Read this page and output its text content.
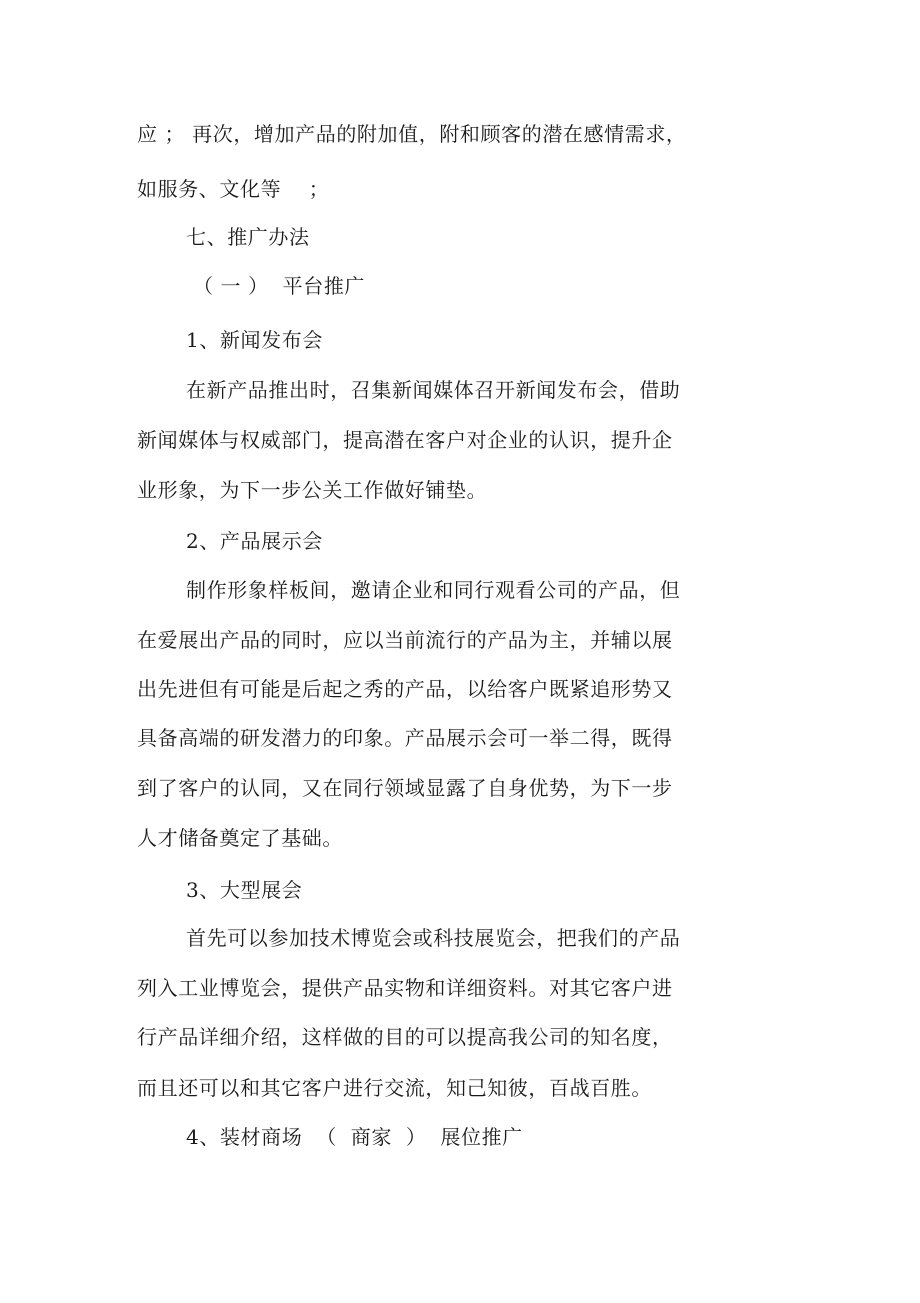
应 ； 再次，增加产品的附加值，附和顾客的潜在感情需求，
如服务、文化等　 ；
七、推广办法
（ 一 ）  平台推广
1、新闻发布会
在新产品推出时，召集新闻媒体召开新闻发布会，借助
新闻媒体与权威部门，提高潜在客户对企业的认识，提升企
业形象，为下一步公关工作做好铺垫。
2、产品展示会
制作形象样板间，邀请企业和同行观看公司的产品，但
在爱展出产品的同时，应以当前流行的产品为主，并辅以展
出先进但有可能是后起之秀的产品，以给客户既紧追形势又
具备高端的研发潜力的印象。产品展示会可一举二得，既得
到了客户的认同，又在同行领域显露了自身优势，为下一步
人才储备奠定了基础。
3、大型展会
首先可以参加技术博览会或科技展览会，把我们的产品
列入工业博览会，提供产品实物和详细资料。对其它客户进
行产品详细介绍，这样做的目的可以提高我公司的知名度，
而且还可以和其它客户进行交流，知己知彼，百战百胜。
4、装材商场  （  商家  ）  展位推广
